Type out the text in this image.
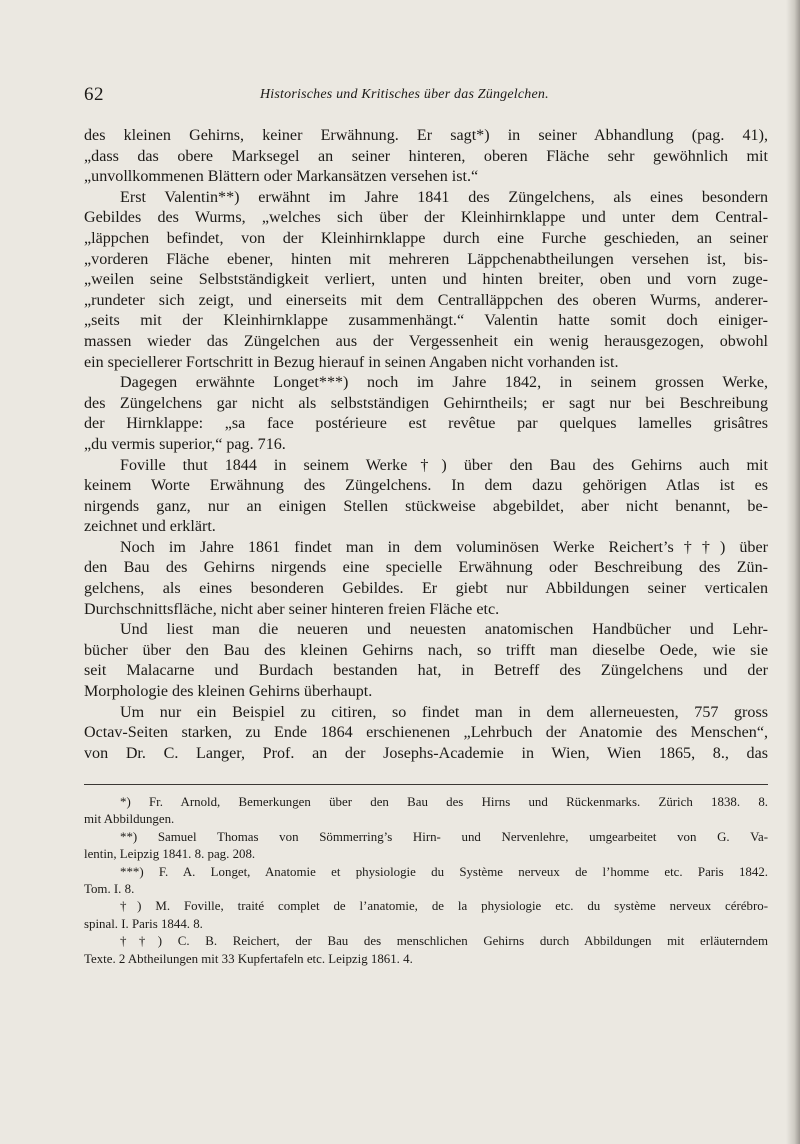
62	Historisches und Kritisches über das Züngelchen.
des kleinen Gehirns, keiner Erwähnung. Er sagt*) in seiner Abhandlung (pag. 41),
„dass das obere Marksegel an seiner hinteren, oberen Fläche sehr gewöhnlich mit
„unvollkommenen Blättern oder Markansätzen versehen ist.“
Erst Valentin**) erwähnt im Jahre 1841 des Züngelchens, als eines besondern
Gebildes des Wurms, „welches sich über der Kleinhirnklappe und unter dem Central-
„läppchen befindet, von der Kleinhirnklappe durch eine Furche geschieden, an seiner
„vorderen Fläche ebener, hinten mit mehreren Läppchenabtheilungen versehen ist, bis-
„weilen seine Selbstständigkeit verliert, unten und hinten breiter, oben und vorn zuge-
„rundeter sich zeigt, und einerseits mit dem Centralläppchen des oberen Wurms, anderer-
„seits mit der Kleinhirnklappe zusammenhängt.“ Valentin hatte somit doch einiger-
massen wieder das Züngelchen aus der Vergessenheit ein wenig herausgezogen, obwohl
ein speciellerer Fortschritt in Bezug hierauf in seinen Angaben nicht vorhanden ist.
Dagegen erwähnte Longet***) noch im Jahre 1842, in seinem grossen Werke,
des Züngelchens gar nicht als selbstständigen Gehirntheils; er sagt nur bei Beschreibung
der Hirnklappe: „sa face postérieure est revêtue par quelques lamelles grisâtres
„du vermis superior,“ pag. 716.
Foville thut 1844 in seinem Werke†) über den Bau des Gehirns auch mit
keinem Worte Erwähnung des Züngelchens. In dem dazu gehörigen Atlas ist es
nirgends ganz, nur an einigen Stellen stückweise abgebildet, aber nicht benannt, be-
zeichnet und erklärt.
Noch im Jahre 1861 findet man in dem voluminösen Werke Reichert’s††) über
den Bau des Gehirns nirgends eine specielle Erwähnung oder Beschreibung des Zün-
gelchens, als eines besonderen Gebildes. Er giebt nur Abbildungen seiner verticalen
Durchschnittsfläche, nicht aber seiner hinteren freien Fläche etc.
Und liest man die neueren und neuesten anatomischen Handbücher und Lehr-
bücher über den Bau des kleinen Gehirns nach, so trifft man dieselbe Oede, wie sie
seit Malacarne und Burdach bestanden hat, in Betreff des Züngelchens und der
Morphologie des kleinen Gehirns überhaupt.
Um nur ein Beispiel zu citiren, so findet man in dem allerneuesten, 757 gross
Octav-Seiten starken, zu Ende 1864 erschienenen „Lehrbuch der Anatomie des Menschen“,
von Dr. C. Langer, Prof. an der Josephs-Academie in Wien, Wien 1865, 8., das
*) Fr. Arnold, Bemerkungen über den Bau des Hirns und Rückenmarks. Zürich 1838. 8.
mit Abbildungen.
**) Samuel Thomas von Sömmerring’s Hirn- und Nervenlehre, umgearbeitet von G. Va-
lentin, Leipzig 1841. 8. pag. 208.
***) F. A. Longet, Anatomie et physiologie du Système nerveux de l’homme etc. Paris 1842.
Tom. I. 8.
†) M. Foville, traité complet de l’anatomie, de la physiologie etc. du système nerveux cérébro-
spinal. I. Paris 1844. 8.
††) C. B. Reichert, der Bau des menschlichen Gehirns durch Abbildungen mit erläuterndem
Texte. 2 Abtheilungen mit 33 Kupfertafeln etc. Leipzig 1861. 4.
